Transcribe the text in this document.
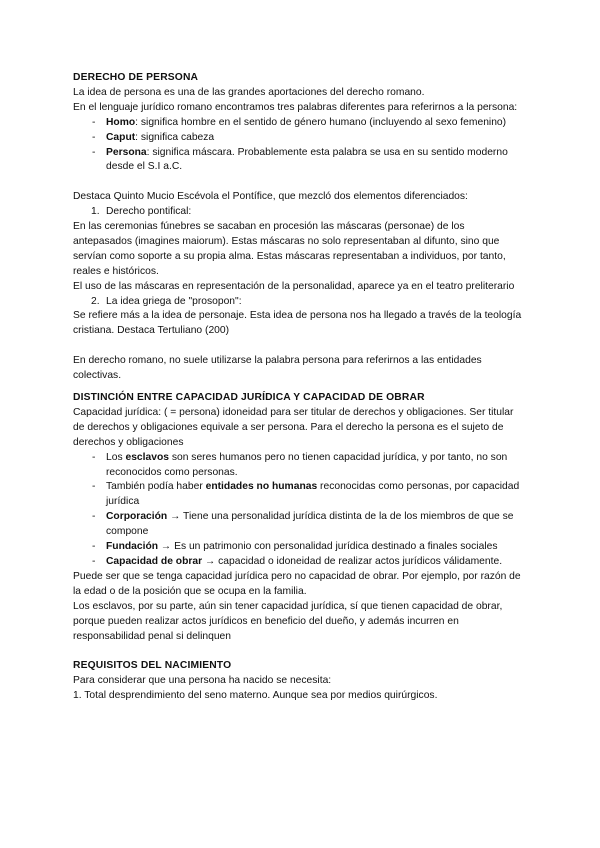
DERECHO DE PERSONA

La idea de persona es una de las grandes aportaciones del derecho romano.

En el lenguaje jurídico romano encontramos tres palabras diferentes para referirnos a la persona:

- Homo: significa hombre en el sentido de género humano (incluyendo al sexo femenino)
- Caput: significa cabeza
- Persona: significa máscara. Probablemente esta palabra se usa en su sentido moderno desde el S.I a.C.

Destaca Quinto Mucio Escévola el Pontífice, que mezcló dos elementos diferenciados:

1. Derecho pontifical:

En las ceremonias fúnebres se sacaban en procesión las máscaras (personae) de los antepasados (imagines maiorum). Estas máscaras no solo representaban al difunto, sino que servían como soporte a su propia alma. Estas máscaras representaban a individuos, por tanto, reales e históricos.

El uso de las máscaras en representación de la personalidad, aparece ya en el teatro preliterario

2. La idea griega de "prosopon":

Se refiere más a la idea de personaje. Esta idea de persona nos ha llegado a través de la teología cristiana. Destaca Tertuliano (200)

En derecho romano, no suele utilizarse la palabra persona para referirnos a las entidades colectivas.

DISTINCIÓN ENTRE CAPACIDAD JURÍDICA Y CAPACIDAD DE OBRAR

Capacidad jurídica: ( = persona) idoneidad para ser titular de derechos y obligaciones. Ser titular de derechos y obligaciones equivale a ser persona. Para el derecho la persona es el sujeto de derechos y obligaciones

- Los esclavos son seres humanos pero no tienen capacidad jurídica, y por tanto, no son reconocidos como personas.
- También podía haber entidades no humanas reconocidas como personas, por capacidad jurídica
- Corporación → Tiene una personalidad jurídica distinta de la de los miembros de que se compone
- Fundación → Es un patrimonio con personalidad jurídica destinado a finales sociales
- Capacidad de obrar → capacidad o idoneidad de realizar actos jurídicos válidamente.

Puede ser que se tenga capacidad jurídica pero no capacidad de obrar. Por ejemplo, por razón de la edad o de la posición que se ocupa en la familia.

Los esclavos, por su parte, aún sin tener capacidad jurídica, sí que tienen capacidad de obrar, porque pueden realizar actos jurídicos en beneficio del dueño, y además incurren en responsabilidad penal si delinquen

REQUISITOS DEL NACIMIENTO

Para considerar que una persona ha nacido se necesita:

1. Total desprendimiento del seno materno. Aunque sea por medios quirúrgicos.
